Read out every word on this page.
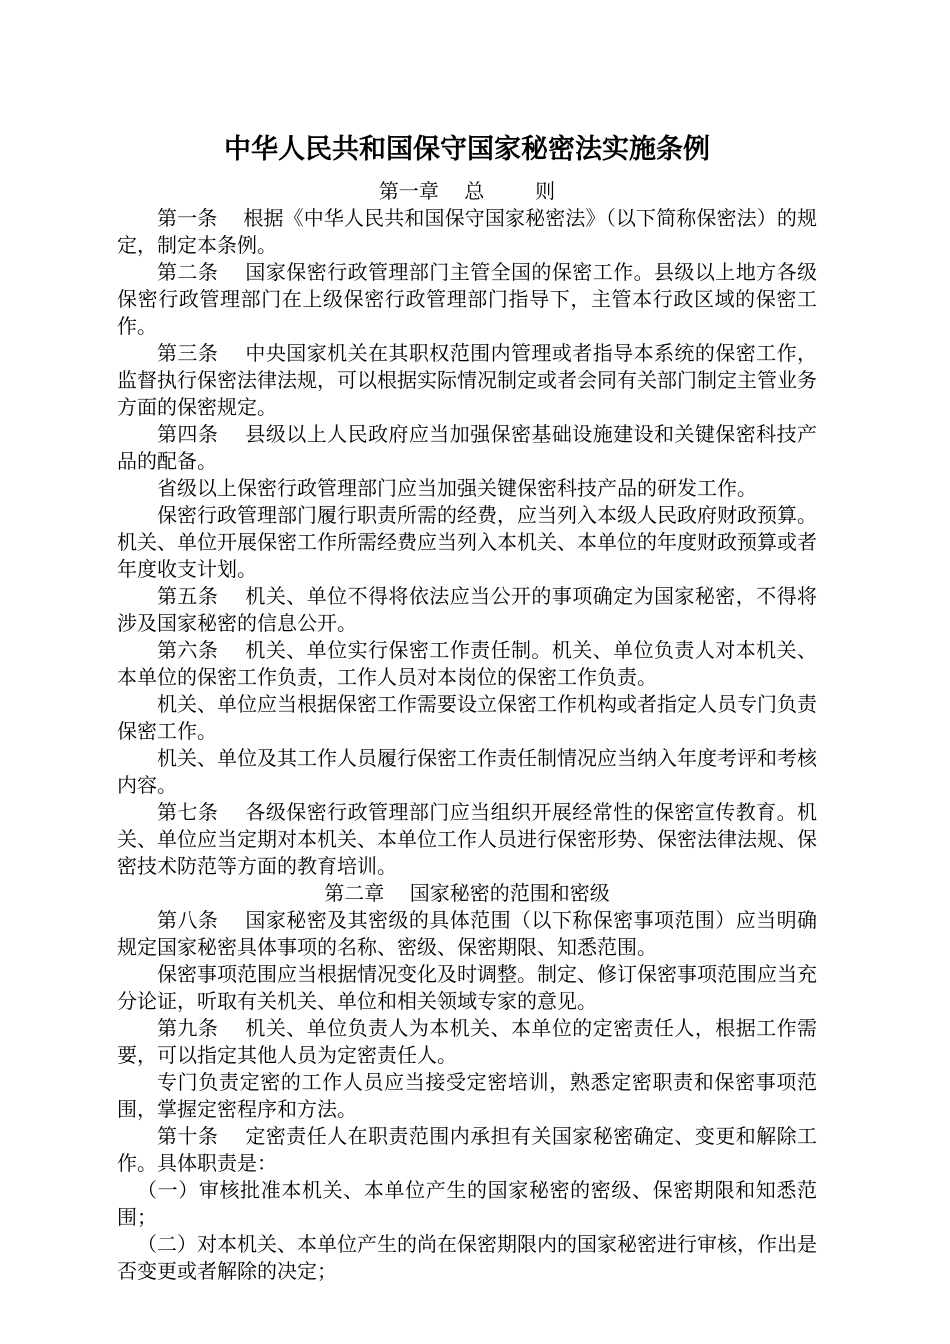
中华人民共和国保守国家秘密法实施条例
第一章    总        则

第一条    根据《中华人民共和国保守国家秘密法》（以下简称保密法）的规定，制定本条例。

第二条    国家保密行政管理部门主管全国的保密工作。县级以上地方各级保密行政管理部门在上级保密行政管理部门指导下，主管本行政区域的保密工作。

第三条    中央国家机关在其职权范围内管理或者指导本系统的保密工作，监督执行保密法律法规，可以根据实际情况制定或者会同有关部门制定主管业务方面的保密规定。

第四条    县级以上人民政府应当加强保密基础设施建设和关键保密科技产品的配备。

省级以上保密行政管理部门应当加强关键保密科技产品的研发工作。

保密行政管理部门履行职责所需的经费，应当列入本级人民政府财政预算。机关、单位开展保密工作所需经费应当列入本机关、本单位的年度财政预算或者年度收支计划。

第五条    机关、单位不得将依法应当公开的事项确定为国家秘密，不得将涉及国家秘密的信息公开。

第六条    机关、单位实行保密工作责任制。机关、单位负责人对本机关、本单位的保密工作负责，工作人员对本岗位的保密工作负责。

机关、单位应当根据保密工作需要设立保密工作机构或者指定人员专门负责保密工作。

机关、单位及其工作人员履行保密工作责任制情况应当纳入年度考评和考核内容。

第七条    各级保密行政管理部门应当组织开展经常性的保密宣传教育。机关、单位应当定期对本机关、本单位工作人员进行保密形势、保密法律法规、保密技术防范等方面的教育培训。

第二章    国家秘密的范围和密级

第八条    国家秘密及其密级的具体范围（以下称保密事项范围）应当明确规定国家秘密具体事项的名称、密级、保密期限、知悉范围。

保密事项范围应当根据情况变化及时调整。制定、修订保密事项范围应当充分论证，听取有关机关、单位和相关领域专家的意见。

第九条    机关、单位负责人为本机关、本单位的定密责任人，根据工作需要，可以指定其他人员为定密责任人。

专门负责定密的工作人员应当接受定密培训，熟悉定密职责和保密事项范围，掌握定密程序和方法。

第十条    定密责任人在职责范围内承担有关国家秘密确定、变更和解除工作。具体职责是：

（一）审核批准本机关、本单位产生的国家秘密的密级、保密期限和知悉范围；

（二）对本机关、本单位产生的尚在保密期限内的国家秘密进行审核，作出是否变更或者解除的决定；
